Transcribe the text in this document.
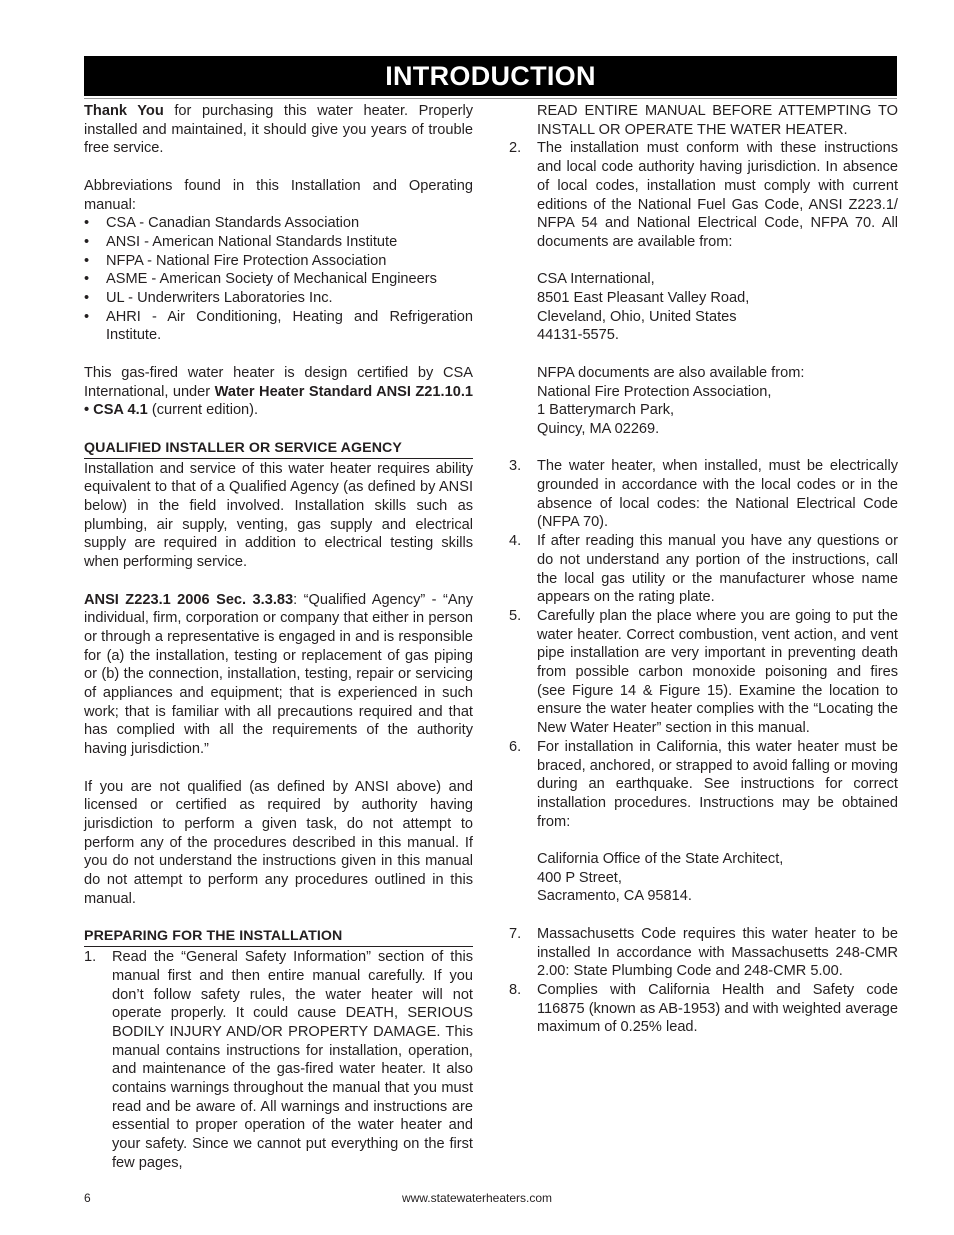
INTRODUCTION

Thank You for purchasing this water heater. Properly installed and maintained, it should give you years of trouble free service.

Abbreviations found in this Installation and Operating manual:

• CSA - Canadian Standards Association
• ANSI - American National Standards Institute
• NFPA - National Fire Protection Association
• ASME - American Society of Mechanical Engineers
• UL - Underwriters Laboratories Inc.
• AHRI - Air Conditioning, Heating and Refrigeration Institute.

This gas-fired water heater is design certified by CSA International, under Water Heater Standard ANSI Z21.10.1 • CSA 4.1 (current edition).

QUALIFIED INSTALLER OR SERVICE AGENCY

Installation and service of this water heater requires ability equivalent to that of a Qualified Agency (as defined by ANSI below) in the field involved. Installation skills such as plumbing, air supply, venting, gas supply and electrical supply are required in addition to electrical testing skills when performing service.

ANSI Z223.1 2006 Sec. 3.3.83: “Qualified Agency” - “Any individual, firm, corporation or company that either in person or through a representative is engaged in and is responsible for (a) the installation, testing or replacement of gas piping or (b) the connection, installation, testing, repair or servicing of appliances and equipment; that is experienced in such work; that is familiar with all precautions required and that has complied with all the requirements of the authority having jurisdiction.”

If you are not qualified (as defined by ANSI above) and licensed or certified as required by authority having jurisdiction to perform a given task, do not attempt to perform any of the procedures described in this manual. If you do not understand the instructions given in this manual do not attempt to perform any procedures outlined in this manual.

PREPARING FOR THE INSTALLATION
1. Read the “General Safety Information” section of this manual first and then entire manual carefully. If you don’t follow safety rules, the water heater will not operate properly. It could cause DEATH, SERIOUS BODILY INJURY AND/OR PROPERTY DAMAGE. This manual contains instructions for installation, operation, and maintenance of the gas-fired water heater. It also contains warnings throughout the manual that you must read and be aware of. All warnings and instructions are essential to proper operation of the water heater and your safety. Since we cannot put everything on the first few pages,

READ ENTIRE MANUAL BEFORE ATTEMPTING TO INSTALL OR OPERATE THE WATER HEATER.

2. The installation must conform with these instructions and local code authority having jurisdiction. In absence of local codes, installation must comply with current editions of the National Fuel Gas Code, ANSI Z223.1/ NFPA 54 and National Electrical Code, NFPA 70. All documents are available from:
CSA International,
8501 East Pleasant Valley Road,
Cleveland, Ohio, United States
44131-5575.
NFPA documents are also available from:
National Fire Protection Association,
1 Batterymarch Park,
Quincy, MA 02269.
3. The water heater, when installed, must be electrically grounded in accordance with the local codes or in the absence of local codes: the National Electrical Code (NFPA 70).
4. If after reading this manual you have any questions or do not understand any portion of the instructions, call the local gas utility or the manufacturer whose name appears on the rating plate.
5. Carefully plan the place where you are going to put the water heater. Correct combustion, vent action, and vent pipe installation are very important in preventing death from possible carbon monoxide poisoning and fires (see Figure 14 & Figure 15). Examine the location to ensure the water heater complies with the “Locating the New Water Heater” section in this manual.
6. For installation in California, this water heater must be braced, anchored, or strapped to avoid falling or moving during an earthquake. See instructions for correct installation procedures. Instructions may be obtained from:
California Office of the State Architect,
400 P Street,
Sacramento, CA 95814.
7. Massachusetts Code requires this water heater to be installed In accordance with Massachusetts 248-CMR 2.00: State Plumbing Code and 248-CMR 5.00.
8. Complies with California Health and Safety code 116875 (known as AB-1953) and with weighted average maximum of 0.25% lead.
6	www.statewaterheaters.com
